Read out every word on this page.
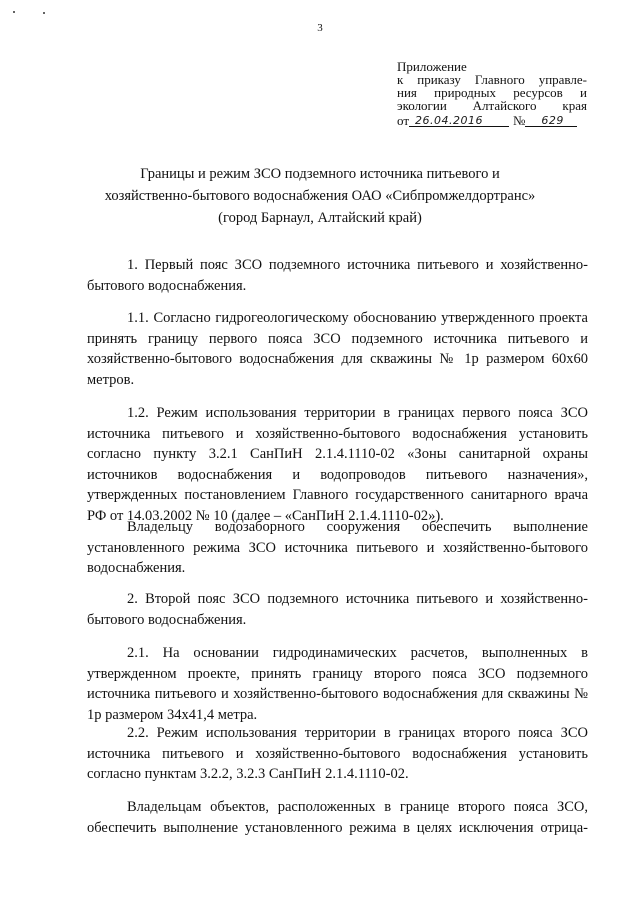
3
Приложение
к приказу Главного управле-
ния природных ресурсов и
экологии Алтайского края
от 26.04.2016 № 629
Границы и режим ЗСО подземного источника питьевого и
хозяйственно-бытового водоснабжения ОАО «Сибпромжелдортранс»
(город Барнаул, Алтайский край)
1. Первый пояс ЗСО подземного источника питьевого и хозяйственно-бытового водоснабжения.
1.1. Согласно гидрогеологическому обоснованию утвержденного проекта принять границу первого пояса ЗСО подземного источника питьевого и хозяйственно-бытового водоснабжения для скважины № 1р размером 60х60 метров.
1.2. Режим использования территории в границах первого пояса ЗСО источника питьевого и хозяйственно-бытового водоснабжения установить согласно пункту 3.2.1 СанПиН 2.1.4.1110-02 «Зоны санитарной охраны источников водоснабжения и водопроводов питьевого назначения», утвержденных постановлением Главного государственного санитарного врача РФ от 14.03.2002 № 10 (далее – «СанПиН 2.1.4.1110-02»).
Владельцу водозаборного сооружения обеспечить выполнение установленного режима ЗСО источника питьевого и хозяйственно-бытового водоснабжения.
2. Второй пояс ЗСО подземного источника питьевого и хозяйственно-бытового водоснабжения.
2.1. На основании гидродинамических расчетов, выполненных в утвержденном проекте, принять границу второго пояса ЗСО подземного источника питьевого и хозяйственно-бытового водоснабжения для скважины № 1р размером 34х41,4 метра.
2.2. Режим использования территории в границах второго пояса ЗСО источника питьевого и хозяйственно-бытового водоснабжения установить согласно пунктам 3.2.2, 3.2.3 СанПиН 2.1.4.1110-02.
Владельцам объектов, расположенных в границе второго пояса ЗСО, обеспечить выполнение установленного режима в целях исключения отрица-
